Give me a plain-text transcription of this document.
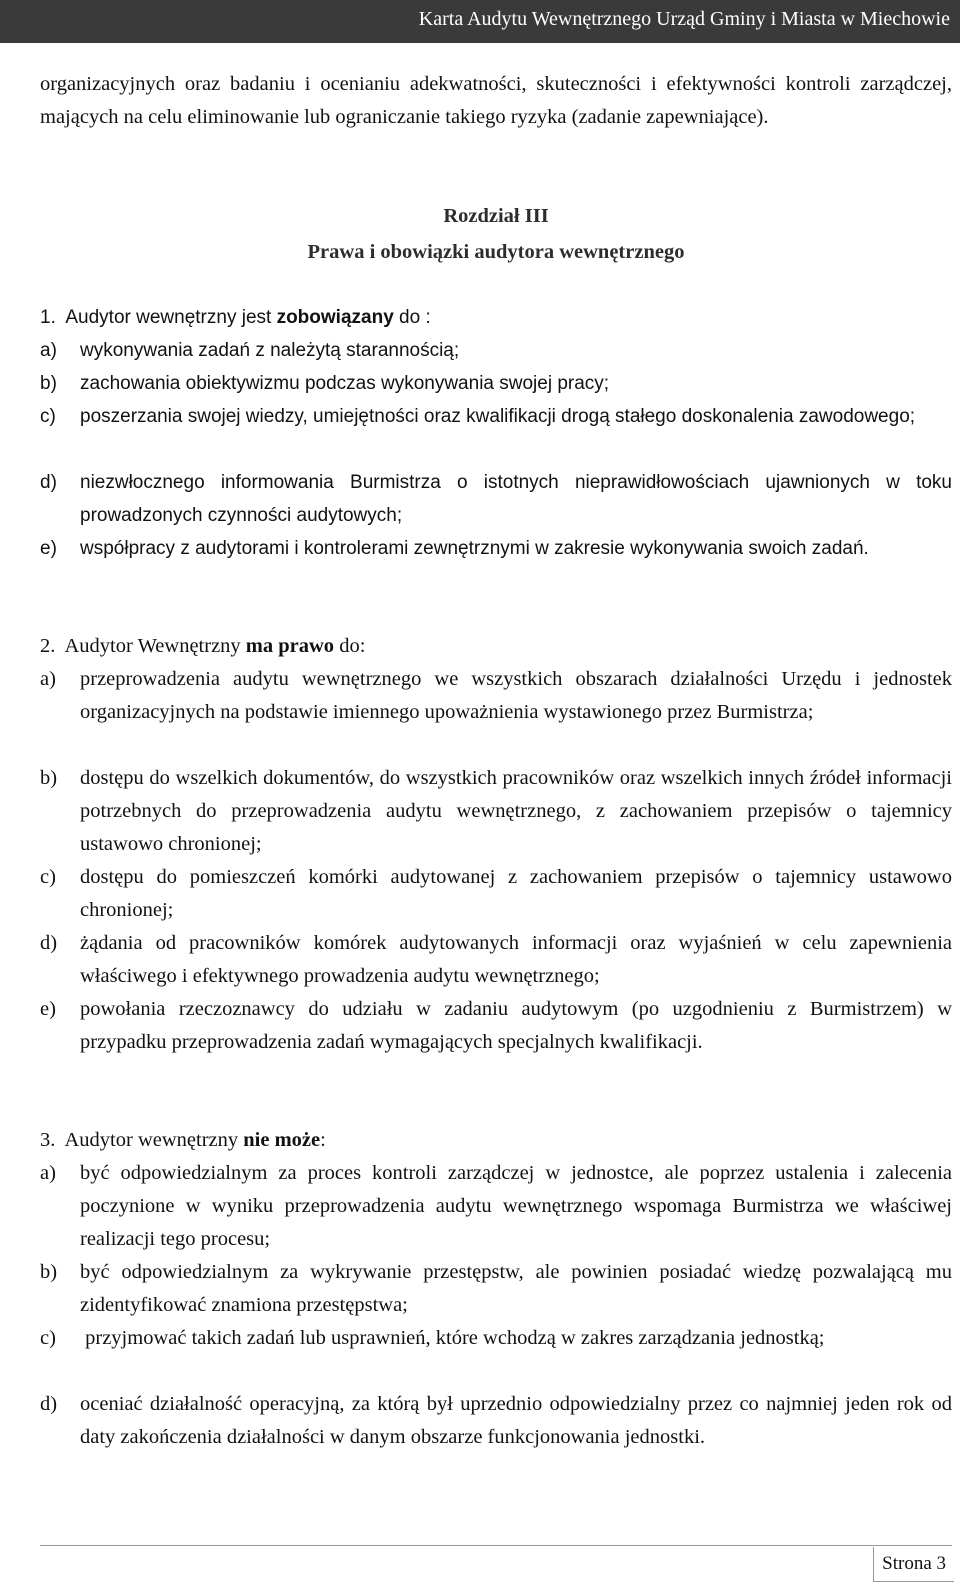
Karta Audytu Wewnętrznego Urząd Gminy i Miasta w Miechowie

organizacyjnych oraz badaniu i ocenianiu adekwatności, skuteczności i efektywności kontroli zarządczej, mających na celu eliminowanie lub ograniczanie takiego ryzyka (zadanie zapewniające).

Rozdział III
Prawa i obowiązki audytora wewnętrznego
1. Audytor wewnętrzny jest zobowiązany do :
a) wykonywania zadań z należytą starannością;
b) zachowania obiektywizmu podczas wykonywania swojej pracy;
c) poszerzania swojej wiedzy, umiejętności oraz kwalifikacji drogą stałego doskonalenia zawodowego;
d) niezwłocznego informowania Burmistrza o istotnych nieprawidłowościach ujawnionych w toku prowadzonych czynności audytowych;
e) współpracy z audytorami i kontrolerami zewnętrznymi w zakresie wykonywania swoich zadań.
2. Audytor Wewnętrzny ma prawo do:
a) przeprowadzenia audytu wewnętrznego we wszystkich obszarach działalności Urzędu i jednostek organizacyjnych na podstawie imiennego upoważnienia wystawionego przez Burmistrza;
b) dostępu do wszelkich dokumentów, do wszystkich pracowników oraz wszelkich innych źródeł informacji potrzebnych do przeprowadzenia audytu wewnętrznego, z zachowaniem przepisów o tajemnicy ustawowo chronionej;
c) dostępu do pomieszczeń komórki audytowanej z zachowaniem przepisów o tajemnicy ustawowo chronionej;
d) żądania od pracowników komórek audytowanych informacji oraz wyjaśnień w celu zapewnienia właściwego i efektywnego prowadzenia audytu wewnętrznego;
e) powołania rzeczoznawcy do udziału w zadaniu audytowym (po uzgodnieniu z Burmistrzem) w przypadku przeprowadzenia zadań wymagających specjalnych kwalifikacji.
3. Audytor wewnętrzny nie może:
a) być odpowiedzialnym za proces kontroli zarządczej w jednostce, ale poprzez ustalenia i zalecenia poczynione w wyniku przeprowadzenia audytu wewnętrznego wspomaga Burmistrza we właściwej realizacji tego procesu;
b) być odpowiedzialnym za wykrywanie przestępstw, ale powinien posiadać wiedzę pozwalającą mu zidentyfikować znamiona przestępstwa;
c) przyjmować takich zadań lub usprawnień, które wchodzą w zakres zarządzania jednostką;
d) oceniać działalność operacyjną, za którą był uprzednio odpowiedzialny przez co najmniej jeden rok od daty zakończenia działalności w danym obszarze funkcjonowania jednostki.
Strona 3
